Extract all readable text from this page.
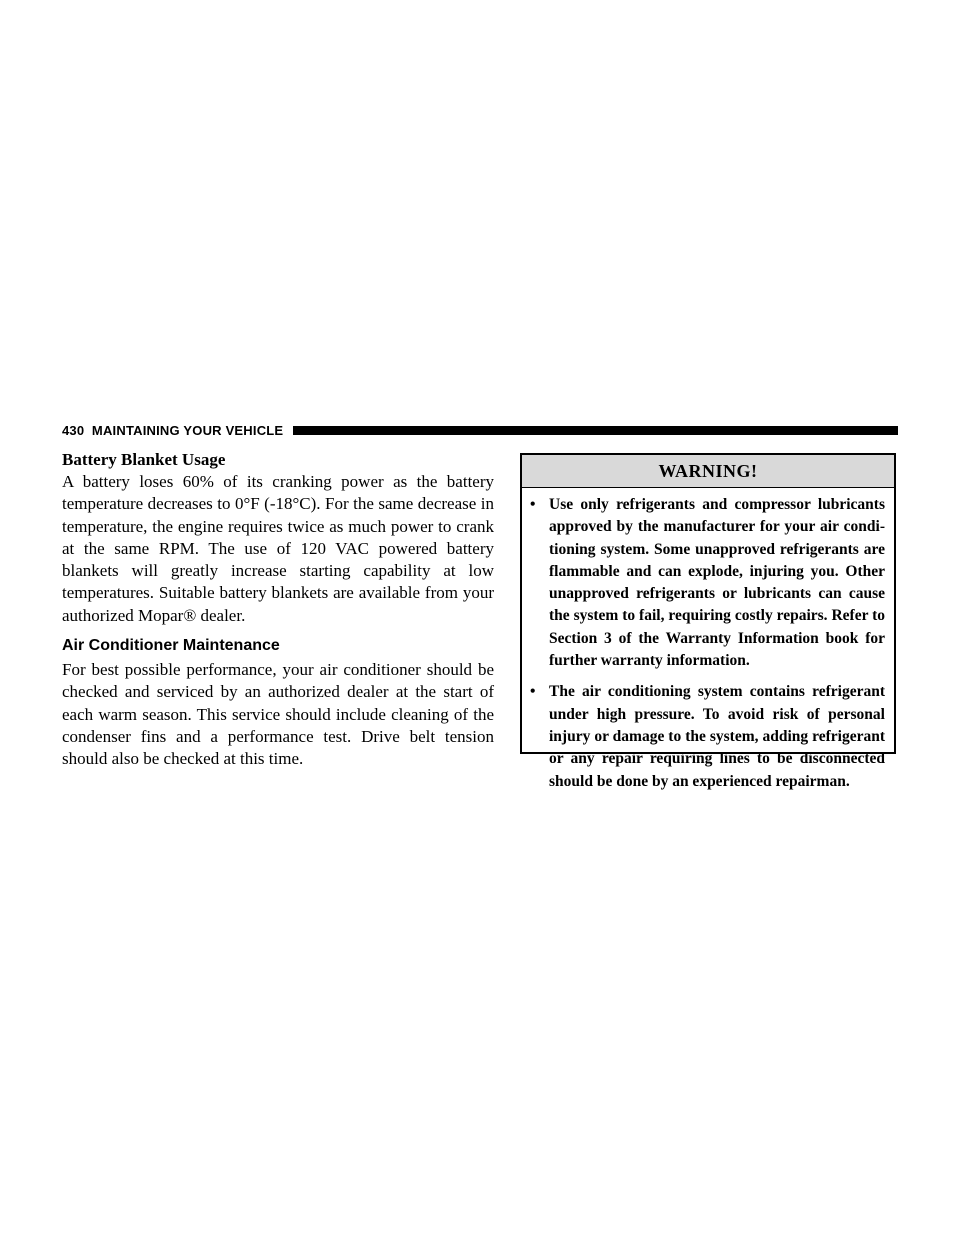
430
MAINTAINING YOUR VEHICLE
Battery Blanket Usage

A battery loses 60% of its cranking power as the battery temperature decreases to 0°F (-18°C). For the same decrease in temperature, the engine requires twice as much power to crank at the same RPM. The use of 120 VAC powered battery blankets will greatly increase starting capability at low temperatures. Suitable battery blankets are available from your authorized Mopar® dealer.

Air Conditioner Maintenance

For best possible performance, your air conditioner should be checked and serviced by an authorized dealer at the start of each warm season. This service should include cleaning of the condenser fins and a performance test. Drive belt tension should also be checked at this time.

WARNING!
• Use only refrigerants and compressor lubricants approved by the manufacturer for your air conditioning system. Some unapproved refrigerants are flammable and can explode, injuring you. Other unapproved refrigerants or lubricants can cause the system to fail, requiring costly repairs. Refer to Section 3 of the Warranty Information book for further warranty information.
• The air conditioning system contains refrigerant under high pressure. To avoid risk of personal injury or damage to the system, adding refrigerant or any repair requiring lines to be disconnected should be done by an experienced repairman.
